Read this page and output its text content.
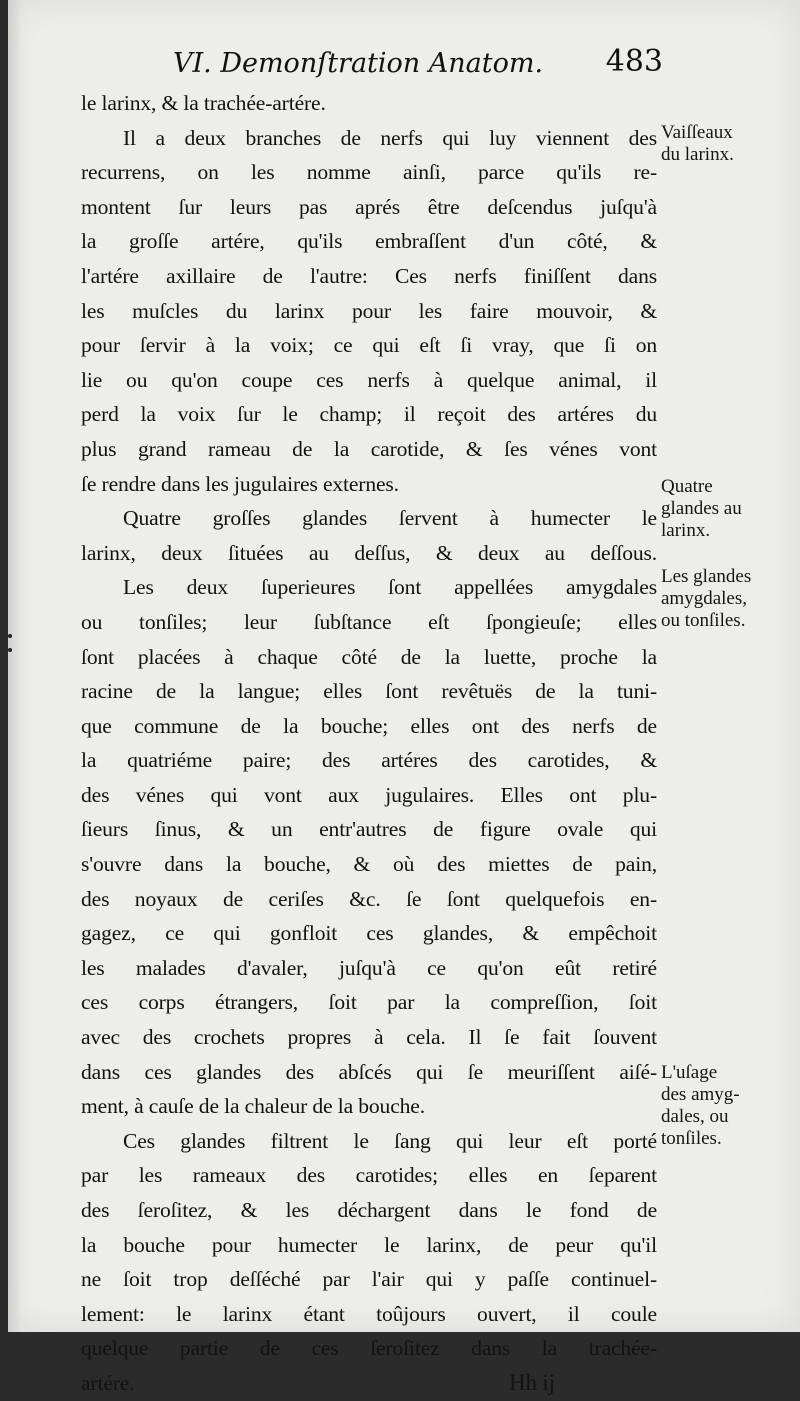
VI. Demonſtration Anatom. 483
le larinx, & la trachée-artére.
Il a deux branches de nerfs qui luy viennent des
recurrens, on les nomme ainſi, parce qu'ils re-
montent ſur leurs pas aprés être deſcendus juſqu'à
la groſſe artére, qu'ils embraſſent d'un côté, &
l'artére axillaire de l'autre: Ces nerfs finiſſent dans
les muſcles du larinx pour les faire mouvoir, &
pour ſervir à la voix; ce qui eſt ſi vray, que ſi on
lie ou qu'on coupe ces nerfs à quelque animal, il
perd la voix ſur le champ; il reçoit des artéres du
plus grand rameau de la carotide, & ſes vénes vont
ſe rendre dans les jugulaires externes.
Quatre groſſes glandes ſervent à humecter le
larinx, deux ſituées au deſſus, & deux au deſſous.
Les deux ſuperieures ſont appellées amygdales
ou tonſiles; leur ſubſtance eſt ſpongieuſe; elles
ſont placées à chaque côté de la luette, proche la
racine de la langue; elles ſont revêtuës de la tuni-
que commune de la bouche; elles ont des nerfs de
la quatriéme paire; des artéres des carotides, &
des vénes qui vont aux jugulaires. Elles ont plu-
ſieurs ſinus, & un entr'autres de figure ovale qui
s'ouvre dans la bouche, & où des miettes de pain,
des noyaux de ceriſes &c. ſe ſont quelquefois en-
gagez, ce qui gonfloit ces glandes, & empêchoit
les malades d'avaler, juſqu'à ce qu'on eût retiré
ces corps étrangers, ſoit par la compreſſion, ſoit
avec des crochets propres à cela. Il ſe fait ſouvent
dans ces glandes des abſcés qui ſe meuriſſent aiſé-
ment, à cauſe de la chaleur de la bouche.
Ces glandes filtrent le ſang qui leur eſt porté
par les rameaux des carotides; elles en ſeparent
des ſeroſitez, & les déchargent dans le fond de
la bouche pour humecter le larinx, de peur qu'il
ne ſoit trop deſſéché par l'air qui y paſſe continuel-
lement: le larinx étant toûjours ouvert, il coule
quelque partie de ces ſeroſitez dans la trachée-
artére.	Hh ij
Vaiſſeaux
du larinx.
Quatre
glandes au
larinx.
Les glandes
amygdales,
ou tonſiles.
L'uſage
des amyg-
dales, ou
tonſiles.
